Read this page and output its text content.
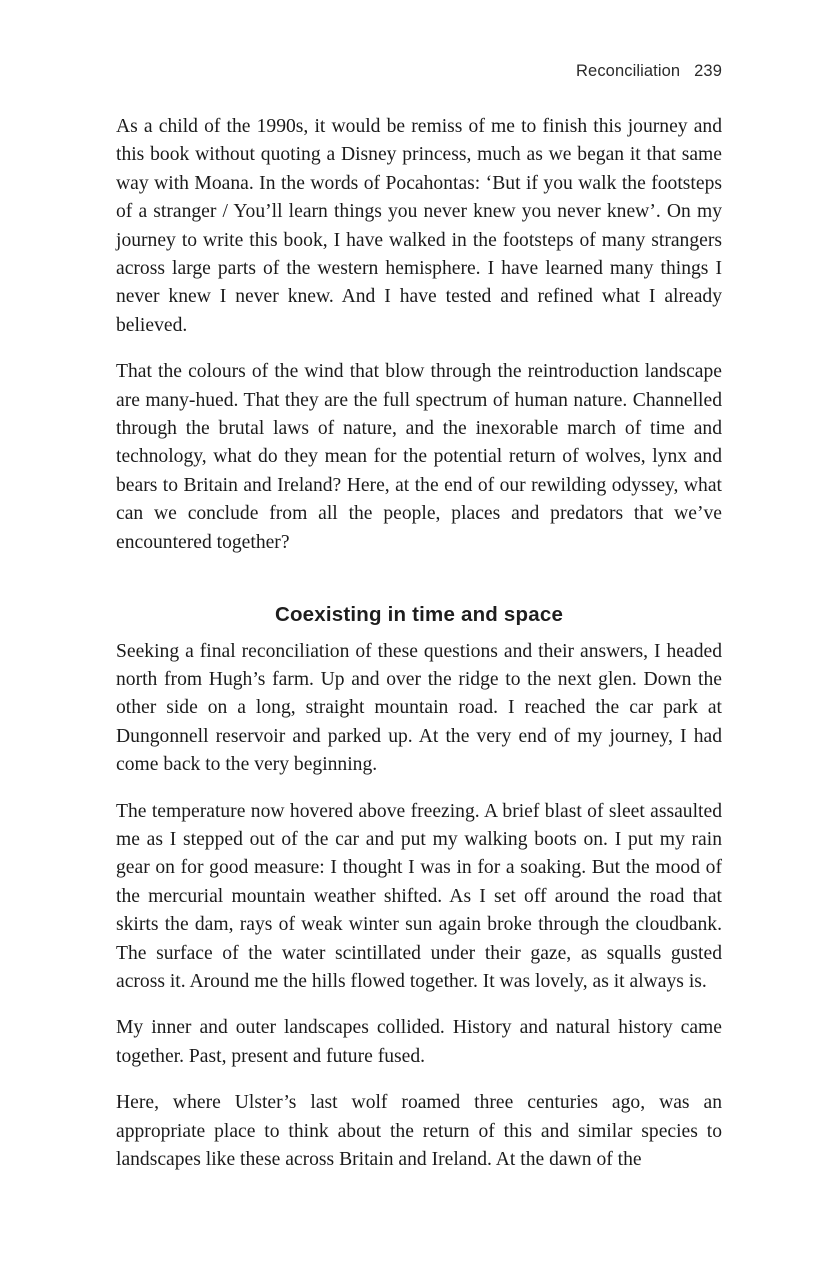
Reconciliation 239

As a child of the 1990s, it would be remiss of me to finish this journey and this book without quoting a Disney princess, much as we began it that same way with Moana. In the words of Pocahontas: ‘But if you walk the footsteps of a stranger / You’ll learn things you never knew you never knew’. On my journey to write this book, I have walked in the footsteps of many strangers across large parts of the western hemisphere. I have learned many things I never knew I never knew. And I have tested and refined what I already believed.

That the colours of the wind that blow through the reintroduction landscape are many-hued. That they are the full spectrum of human nature. Channelled through the brutal laws of nature, and the inexorable march of time and technology, what do they mean for the potential return of wolves, lynx and bears to Britain and Ireland? Here, at the end of our rewilding odyssey, what can we conclude from all the people, places and predators that we’ve encountered together?

Coexisting in time and space

Seeking a final reconciliation of these questions and their answers, I headed north from Hugh’s farm. Up and over the ridge to the next glen. Down the other side on a long, straight mountain road. I reached the car park at Dungonnell reservoir and parked up. At the very end of my journey, I had come back to the very beginning.

The temperature now hovered above freezing. A brief blast of sleet assaulted me as I stepped out of the car and put my walking boots on. I put my rain gear on for good measure: I thought I was in for a soaking. But the mood of the mercurial mountain weather shifted. As I set off around the road that skirts the dam, rays of weak winter sun again broke through the cloudbank. The surface of the water scintillated under their gaze, as squalls gusted across it. Around me the hills flowed together. It was lovely, as it always is.

My inner and outer landscapes collided. History and natural history came together. Past, present and future fused.

Here, where Ulster’s last wolf roamed three centuries ago, was an appropriate place to think about the return of this and similar species to landscapes like these across Britain and Ireland. At the dawn of the
